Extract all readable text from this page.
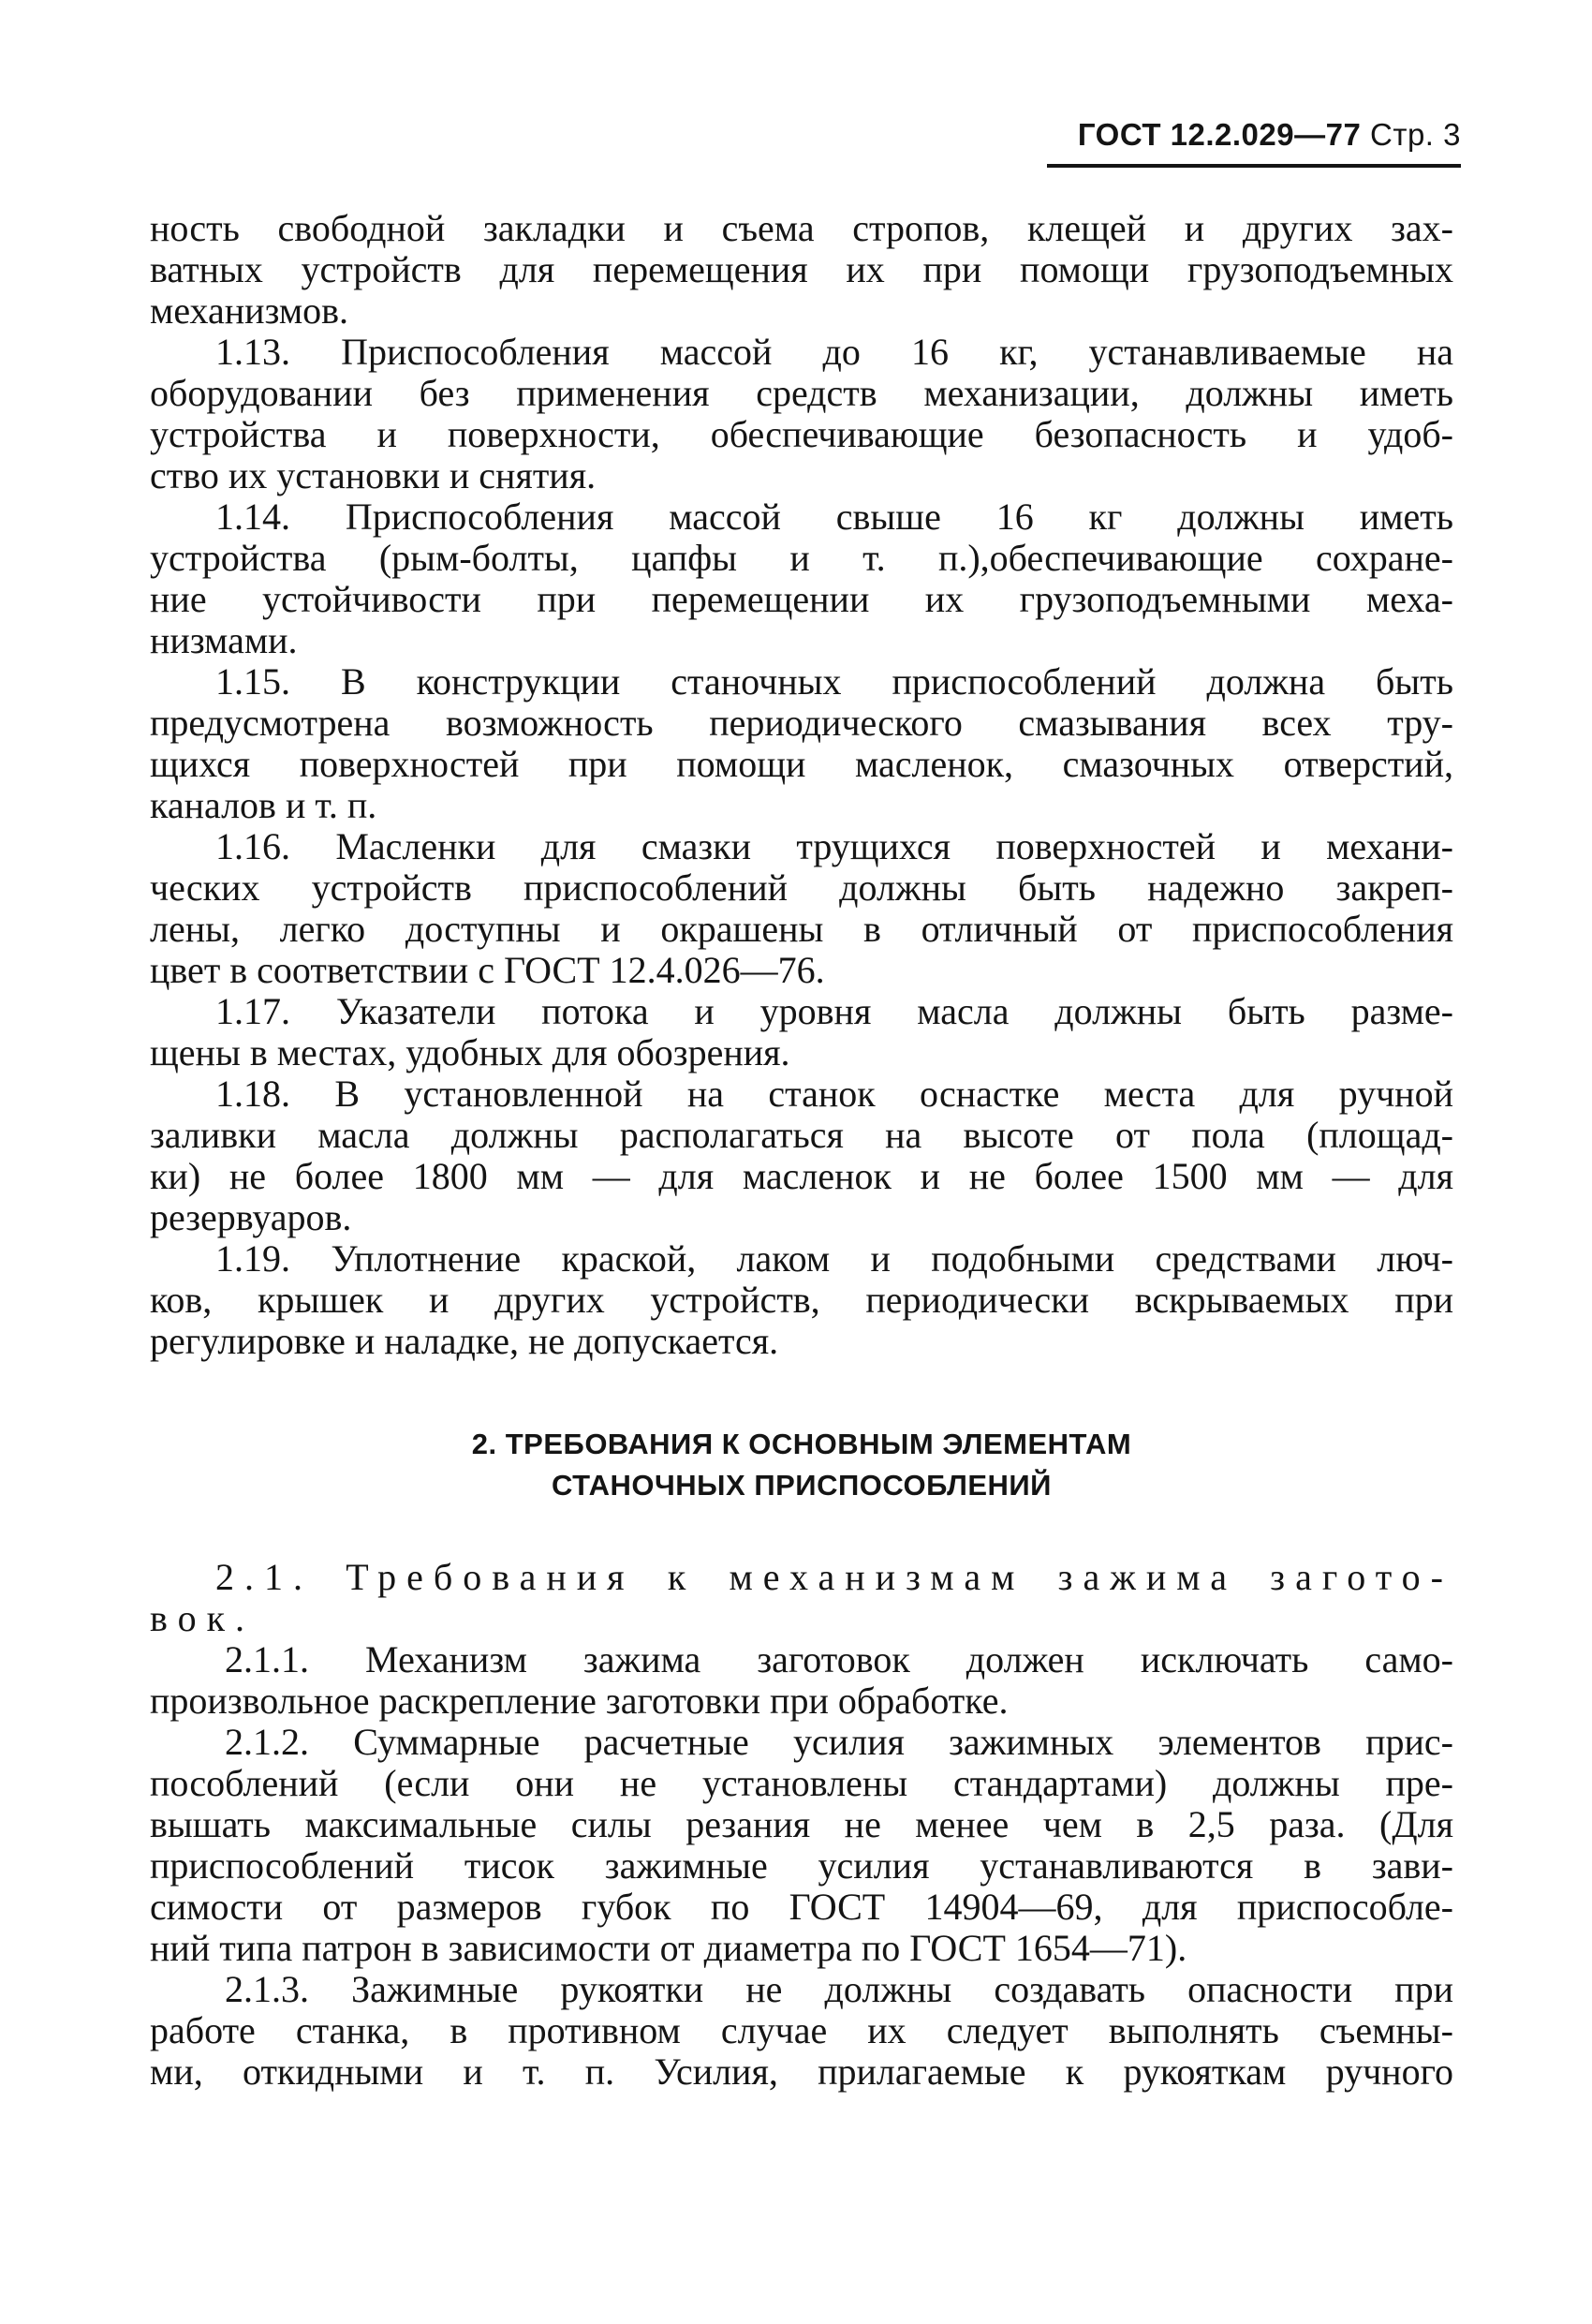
ГОСТ 12.2.029—77 Стр. 3
ность свободной закладки и съема стропов, клещей и других зах-
ватных устройств для перемещения их при помощи грузоподъемных
механизмов.
1.13. Приспособления массой до 16 кг, устанавливаемые на
оборудовании без применения средств механизации, должны иметь
устройства и поверхности, обеспечивающие безопасность и удоб-
ство их установки и снятия.
1.14. Приспособления массой свыше 16 кг должны иметь
устройства (рым-болты, цапфы и т. п.),обеспечивающие сохране-
ние устойчивости при перемещении их грузоподъемными меха-
низмами.
1.15. В конструкции станочных приспособлений должна быть
предусмотрена возможность периодического смазывания всех тру-
щихся поверхностей при помощи масленок, смазочных отверстий,
каналов и т. п.
1.16. Масленки для смазки трущихся поверхностей и механи-
ческих устройств приспособлений должны быть надежно закреп-
лены, легко доступны и окрашены в отличный от приспособления
цвет в соответствии с ГОСТ 12.4.026—76.
1.17. Указатели потока и уровня масла должны быть разме-
щены в местах, удобных для обозрения.
1.18. В установленной на станок оснастке места для ручной
заливки масла должны располагаться на высоте от пола (площад-
ки) не более 1800 мм — для масленок и не более 1500 мм — для
резервуаров.
1.19. Уплотнение краской, лаком и подобными средствами люч-
ков, крышек и других устройств, периодически вскрываемых при
регулировке и наладке, не допускается.
2. ТРЕБОВАНИЯ К ОСНОВНЫМ ЭЛЕМЕНТАМ
СТАНОЧНЫХ ПРИСПОСОБЛЕНИЙ
2.1. Требования к механизмам зажима загото-
вок.
2.1.1. Механизм зажима заготовок должен исключать само-
произвольное раскрепление заготовки при обработке.
2.1.2. Суммарные расчетные усилия зажимных элементов прис-
пособлений (если они не установлены стандартами) должны пре-
вышать максимальные силы резания не менее чем в 2,5 раза. (Для
приспособлений тисок зажимные усилия устанавливаются в зави-
симости от размеров губок по ГОСТ 14904—69, для приспособле-
ний типа патрон в зависимости от диаметра по ГОСТ 1654—71).
2.1.3. Зажимные рукоятки не должны создавать опасности при
работе станка, в противном случае их следует выполнять съемны-
ми, откидными и т. п. Усилия, прилагаемые к рукояткам ручного
